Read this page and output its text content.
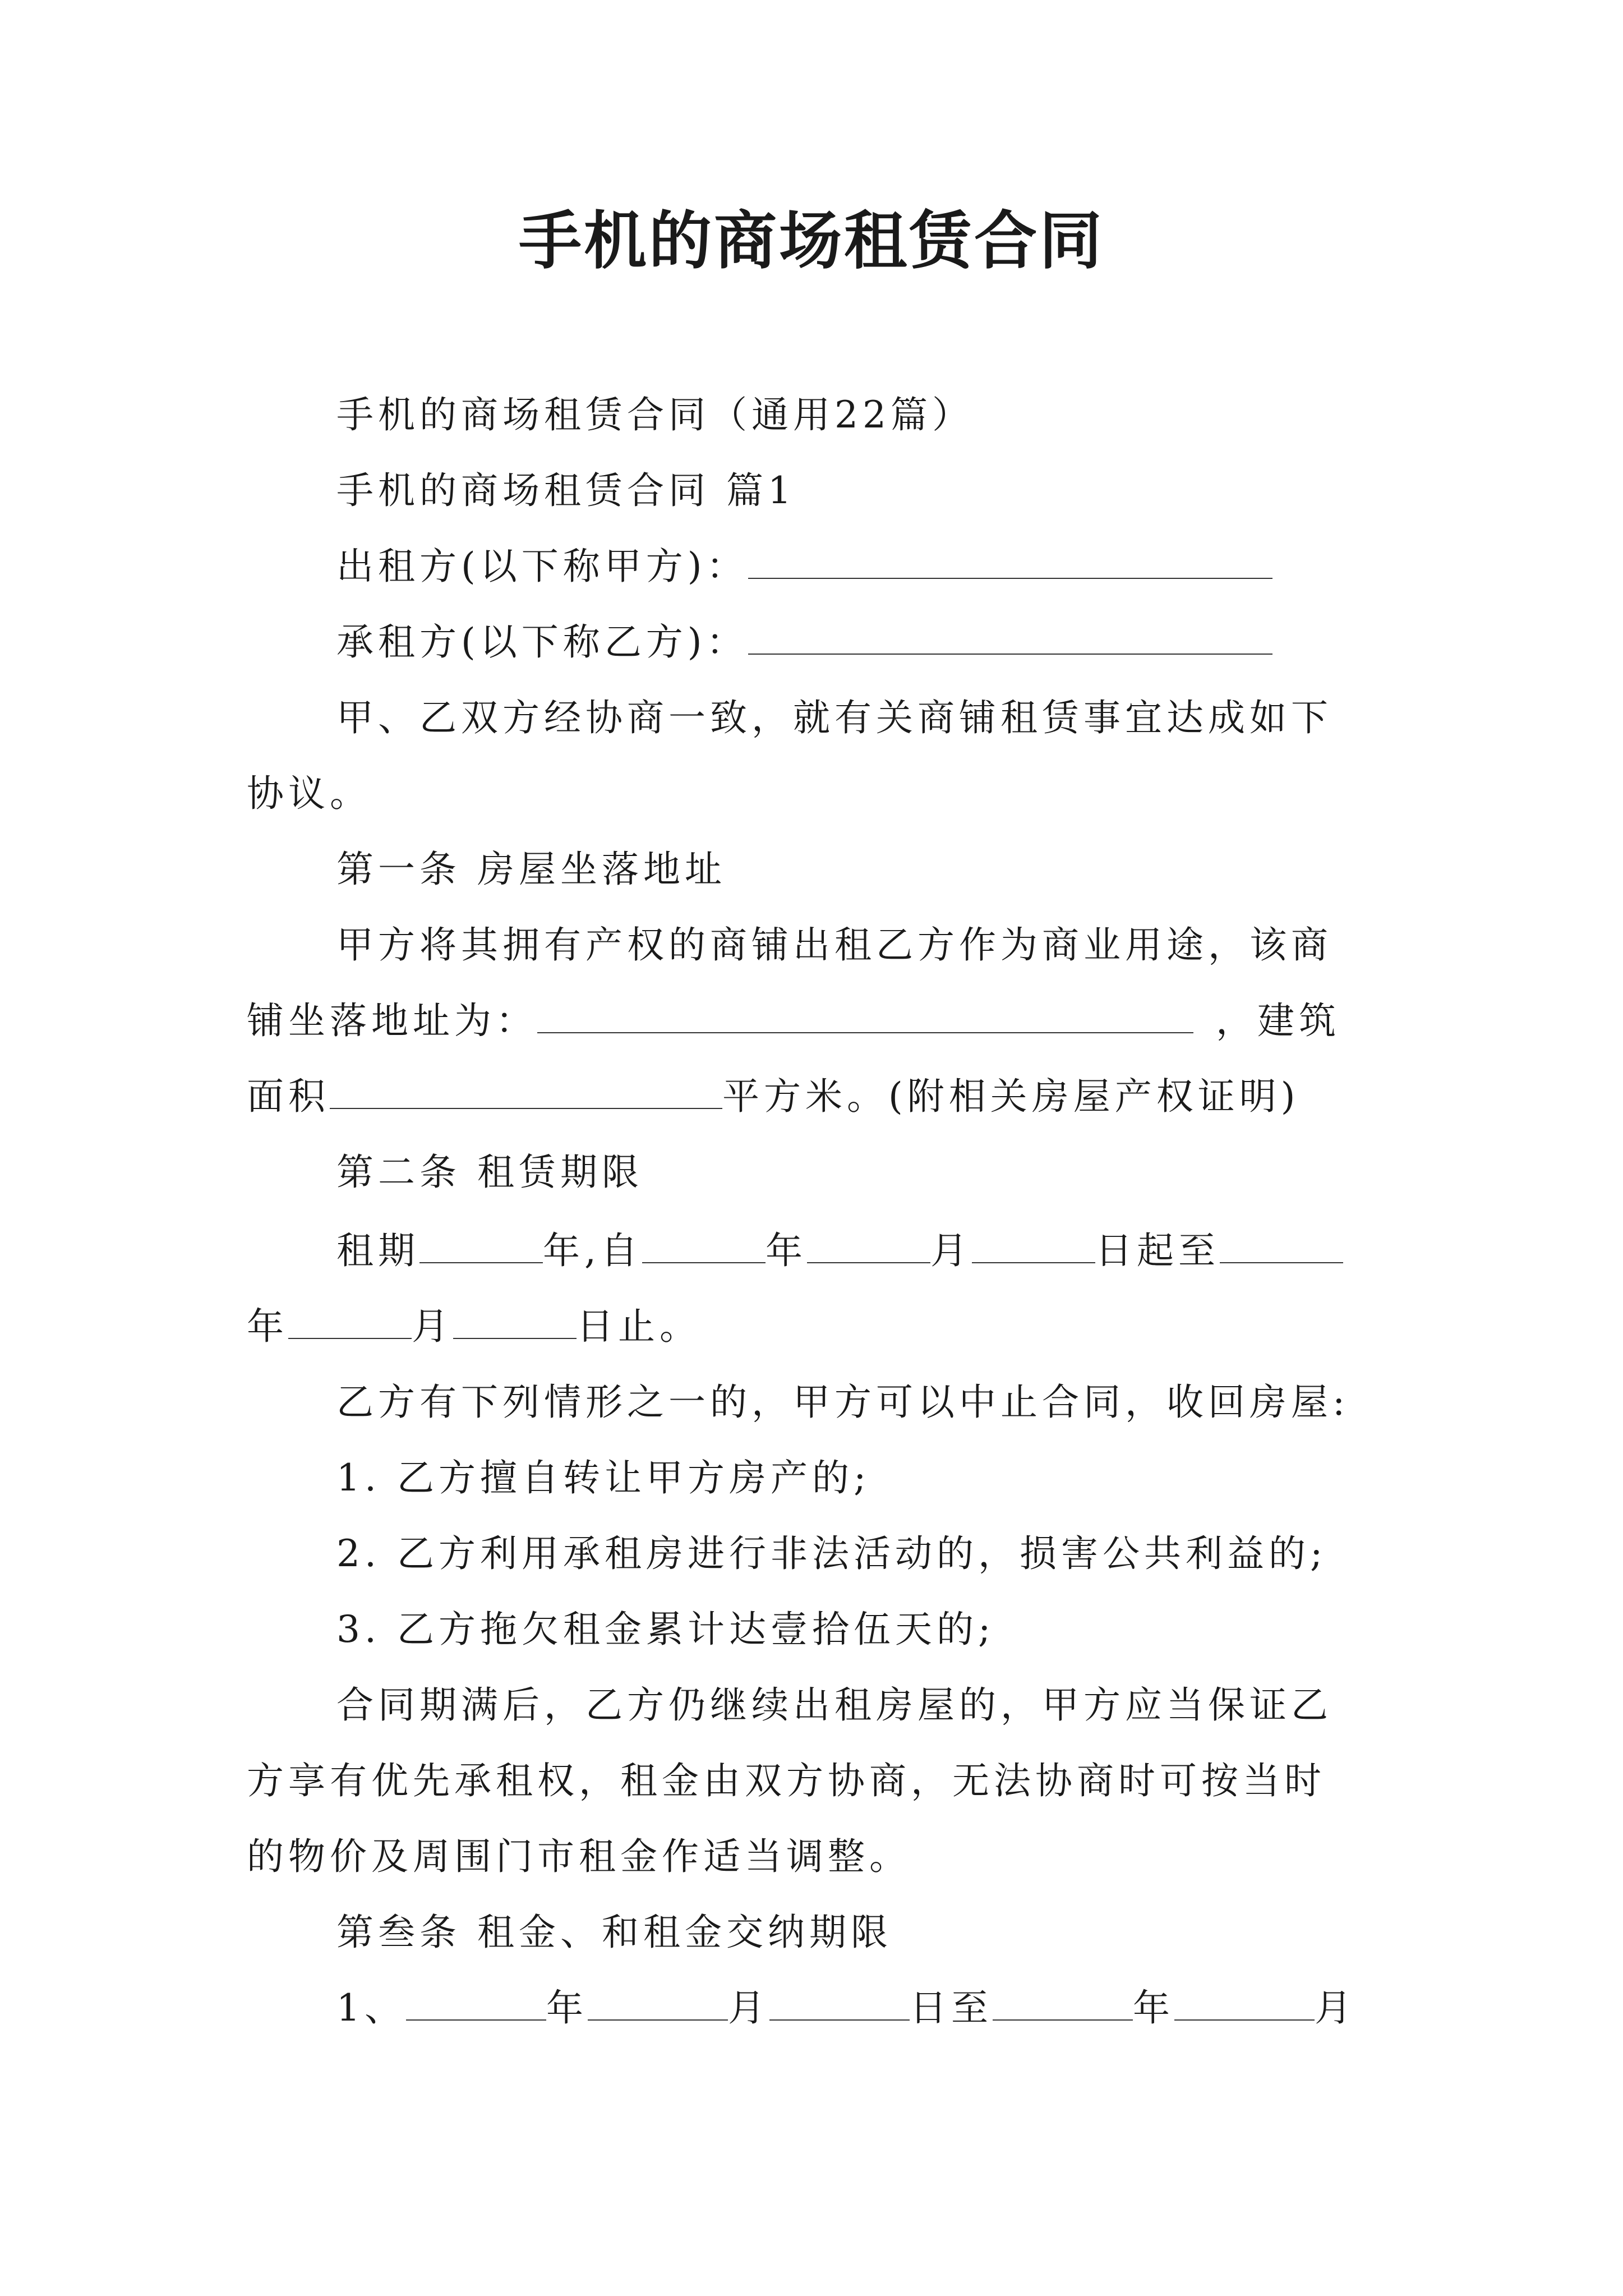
手机的商场租赁合同
手机的商场租赁合同（通用22篇）
手机的商场租赁合同 篇1
出租方(以下称甲方)：
承租方(以下称乙方)：
甲、乙双方经协商一致，就有关商铺租赁事宜达成如下
协议。
第一条 房屋坐落地址
甲方将其拥有产权的商铺出租乙方作为商业用途，该商
铺坐落地址为：	，建筑
面积	平方米。(附相关房屋产权证明)
第二条 租赁期限
租期	年,自	年	月	日起至
年	月	日止。
乙方有下列情形之一的，甲方可以中止合同，收回房屋:
1. 乙方擅自转让甲方房产的;
2. 乙方利用承租房进行非法活动的，损害公共利益的;
3. 乙方拖欠租金累计达壹拾伍天的;
合同期满后，乙方仍继续出租房屋的，甲方应当保证乙
方享有优先承租权，租金由双方协商，无法协商时可按当时
的物价及周围门市租金作适当调整。
第叁条 租金、和租金交纳期限
1、	年	月	日至	年	月
